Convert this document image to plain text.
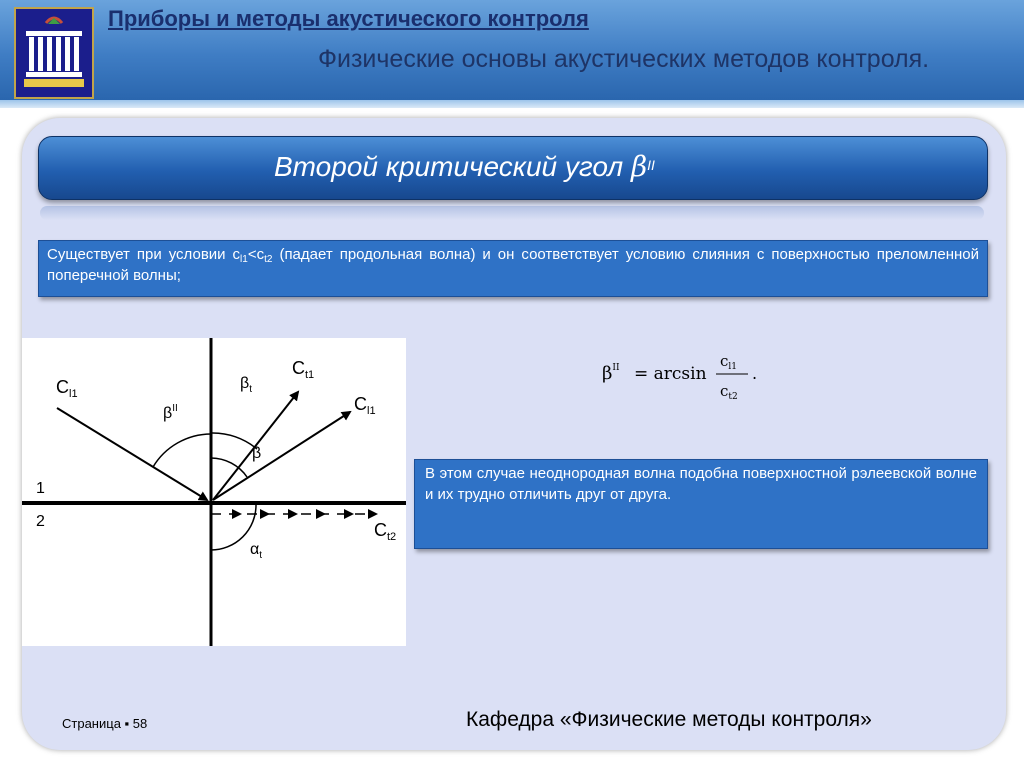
Приборы и методы акустического контроля
Физические основы акустических методов контроля.
Второй критический угол $\beta^{II}$
Существует при условии $с_{l1}<с_{t2}$ (падает продольная волна) и он соответствует условию слияния с поверхностью преломленной поперечной волны;
1
2
$C_{l1}$
$C_{t1}$
$C_{l1}$
$C_{t2}$
$\beta^{II}$
$\beta_t$
β
$\alpha_t$
$\beta^{II} = \arcsin$
$c_{l1}$
$c_{t2}$
.
В этом случае неоднородная волна подобна поверхностной рэлеевской волне и их трудно отличить друг от друга.
Страница ▪ 58	Кафедра «Физические методы контроля»
